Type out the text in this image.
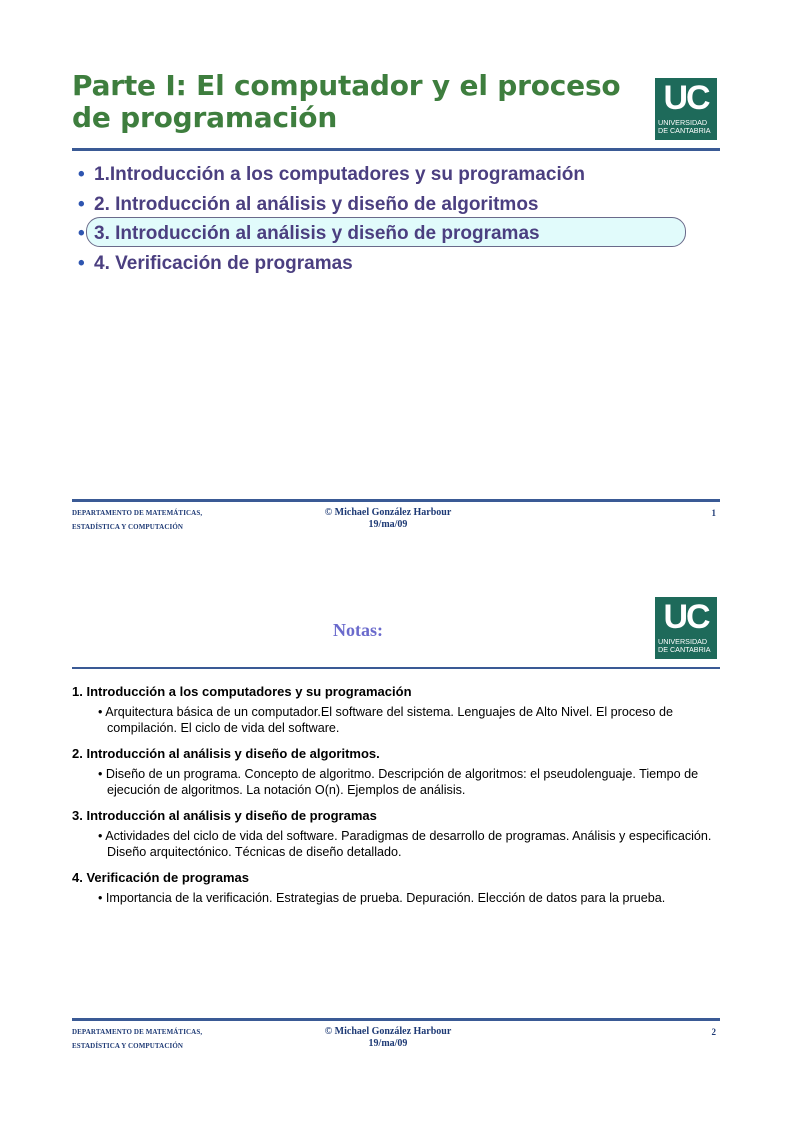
Parte I: El computador y el proceso de programación
UC
UNIVERSIDAD
DE CANTABRIA
• 1.Introducción a los computadores y su programación
• 2. Introducción al análisis y diseño de algoritmos
• 3. Introducción al análisis y diseño de programas
• 4. Verificación de programas
DEPARTAMENTO DE MATEMÁTICAS,
ESTADÍSTICA Y COMPUTACIÓN
© Michael González Harbour
19/ma/09
1
UC
UNIVERSIDAD
DE CANTABRIA
Notas:
1. Introducción a los computadores y su programación
• Arquitectura básica de un computador.El software del sistema. Lenguajes de Alto Nivel. El proceso de compilación. El ciclo de vida del software.
2. Introducción al análisis y diseño de algoritmos.
• Diseño de un programa. Concepto de algoritmo. Descripción de algoritmos: el pseudolenguaje. Tiempo de ejecución de algoritmos. La notación O(n). Ejemplos de análisis.
3. Introducción al análisis y diseño de programas
• Actividades del ciclo de vida del software. Paradigmas de desarrollo de programas. Análisis y especificación. Diseño arquitectónico. Técnicas de diseño detallado.
4. Verificación de programas
• Importancia de la verificación. Estrategias de prueba. Depuración. Elección de datos para la prueba.
DEPARTAMENTO DE MATEMÁTICAS,
ESTADÍSTICA Y COMPUTACIÓN
© Michael González Harbour
19/ma/09
2
